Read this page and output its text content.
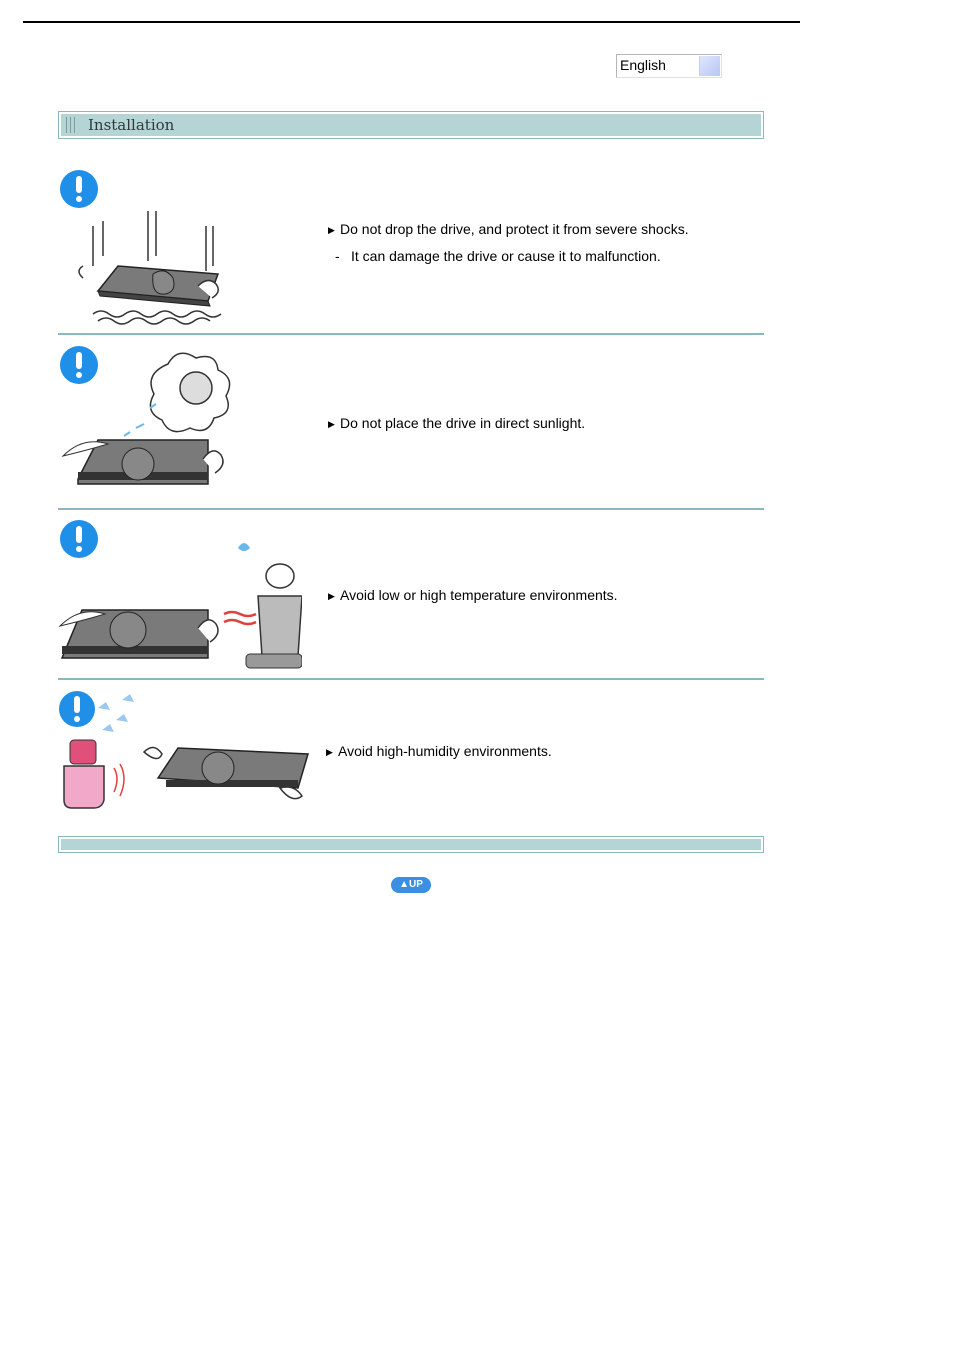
English
Installation
▶ Do not drop the drive, and protect it from severe shocks.
- It can damage the drive or cause it to malfunction.
▶ Do not place the drive in direct sunlight.
▶ Avoid low or high temperature environments.
▶ Avoid high-humidity environments.
▲UP
